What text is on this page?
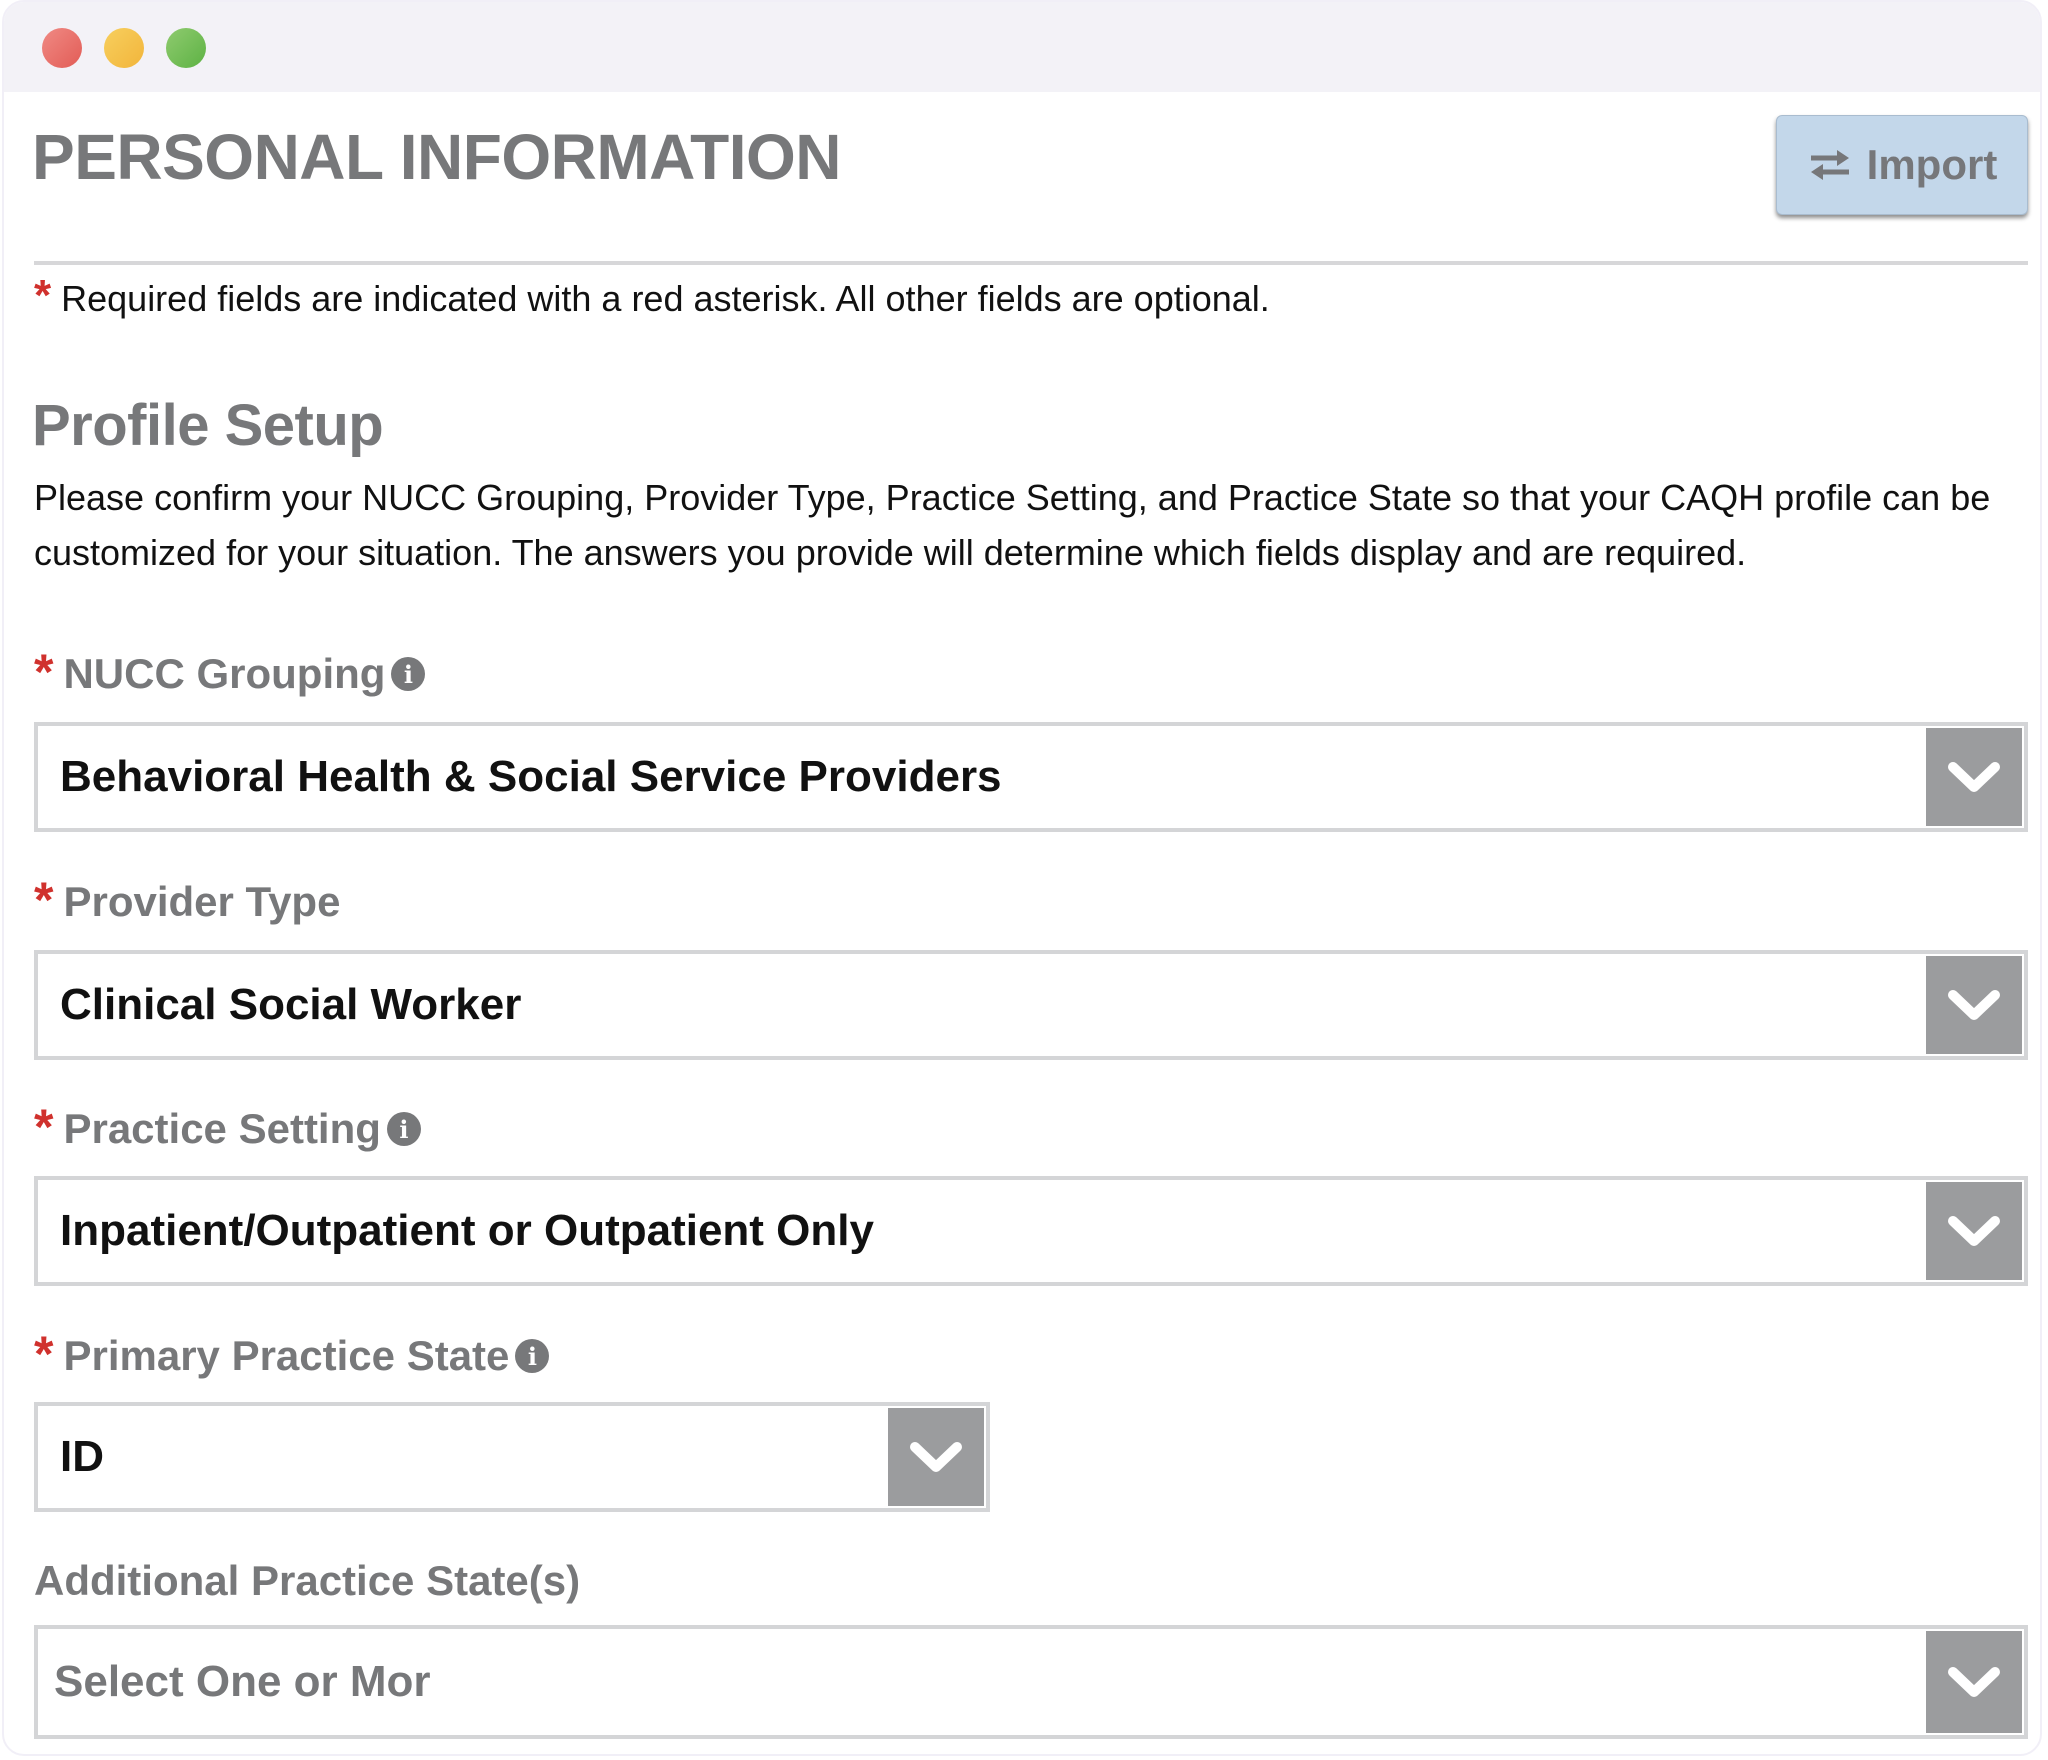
PERSONAL INFORMATION	Import
* Required fields are indicated with a red asterisk. All other fields are optional.
Profile Setup

Please confirm your NUCC Grouping, Provider Type, Practice Setting, and Practice State so that your CAQH profile can be customized for your situation. The answers you provide will determine which fields display and are required.

* NUCC Grouping i
Behavioral Health & Social Service Providers
* Provider Type
Clinical Social Worker
* Practice Setting i
Inpatient/Outpatient or Outpatient Only
* Primary Practice State i
ID
Additional Practice State(s)
Select One or Mor
